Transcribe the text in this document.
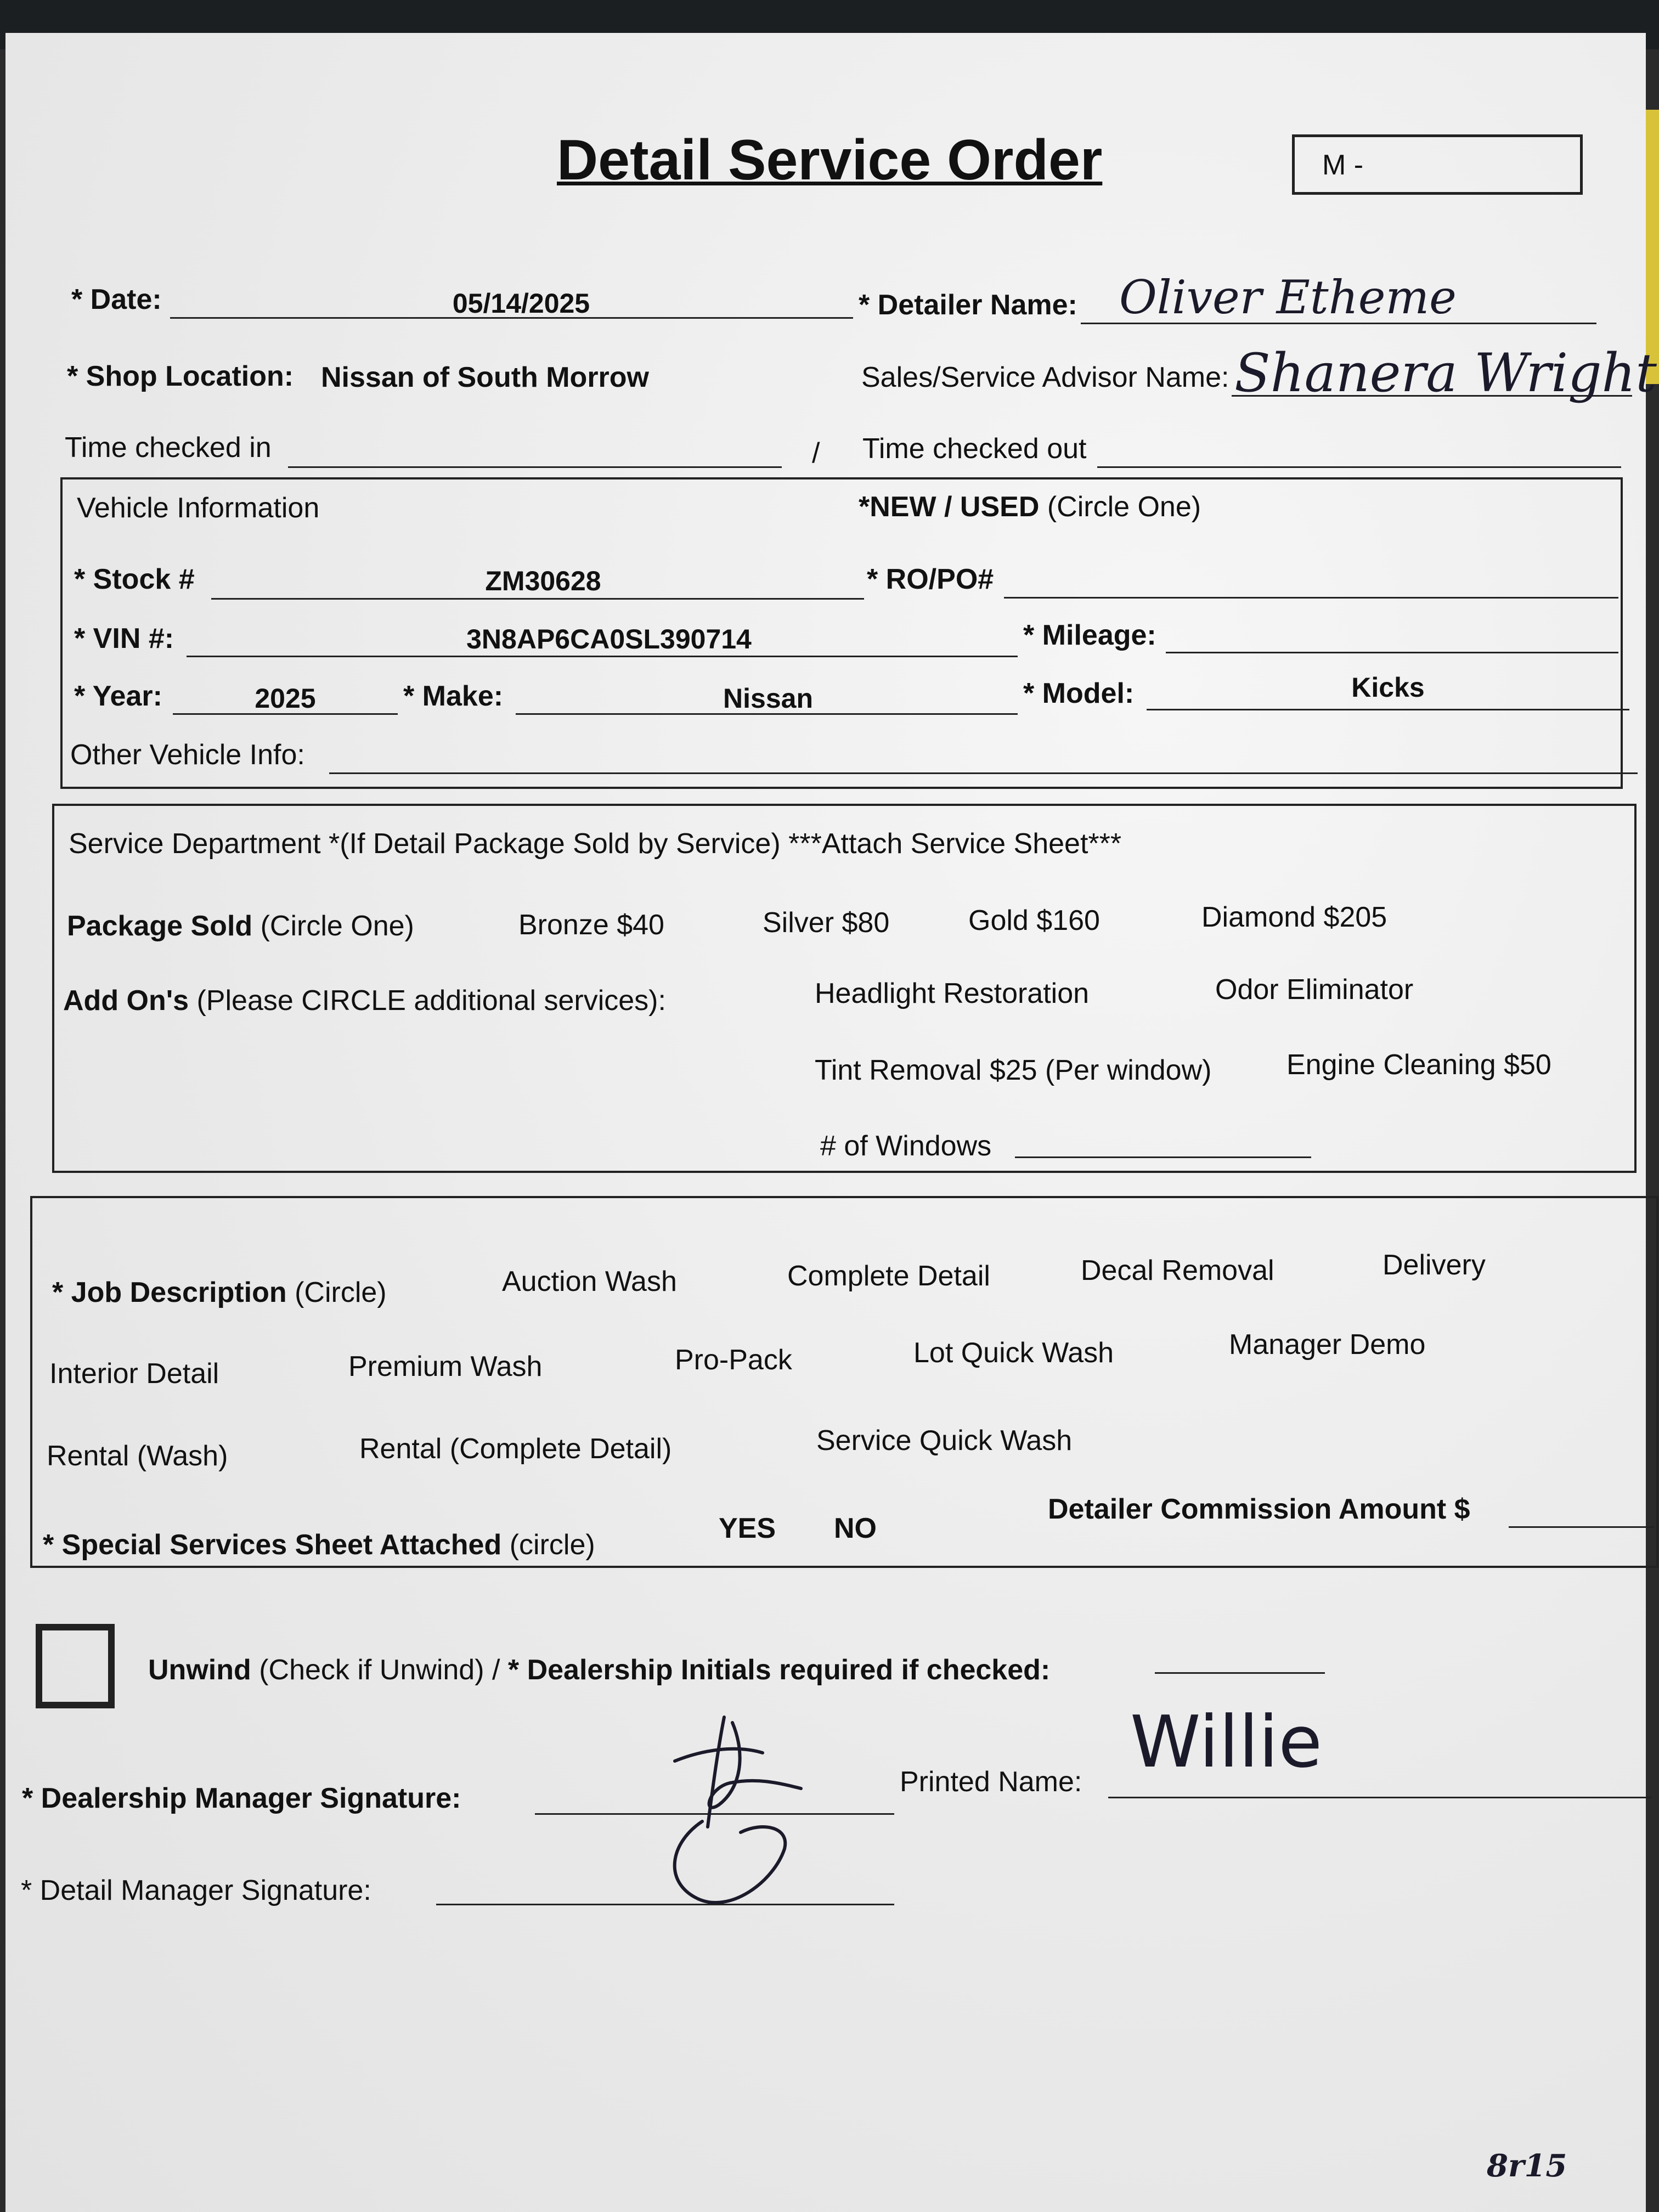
Detail Service Order	M -
* Date:	05/14/2025	* Detailer Name: Oliver Etheme
* Shop Location: Nissan of South Morrow	Sales/Service Advisor Name: Shanera Wright
Time checked in	/ Time checked out
Vehicle Information	*NEW / USED (Circle One)
* Stock #	ZM30628	* RO/PO#
* VIN #:	3N8AP6CA0SL390714	* Mileage:
* Year:	2025	* Make:	Nissan	* Model:	Kicks
Other Vehicle Info:
Service Department *(If Detail Package Sold by Service) ***Attach Service Sheet***
Package Sold (Circle One)	Bronze $40	Silver $80	Gold $160	Diamond $205
Add On's (Please CIRCLE additional services):	Headlight Restoration	Odor Eliminator
Tint Removal $25 (Per window)	Engine Cleaning $50
# of Windows
* Job Description (Circle)	Auction Wash	Complete Detail	Decal Removal	Delivery
Interior Detail	Premium Wash	Pro-Pack	Lot Quick Wash	Manager Demo
Rental (Wash)	Rental (Complete Detail)	Service Quick Wash
* Special Services Sheet Attached (circle)
YES NO
Detailer Commission Amount $
Unwind (Check if Unwind) / * Dealership Initials required if checked:
* Dealership Manager Signature:
Printed Name: Willie
* Detail Manager Signature:
8r15
